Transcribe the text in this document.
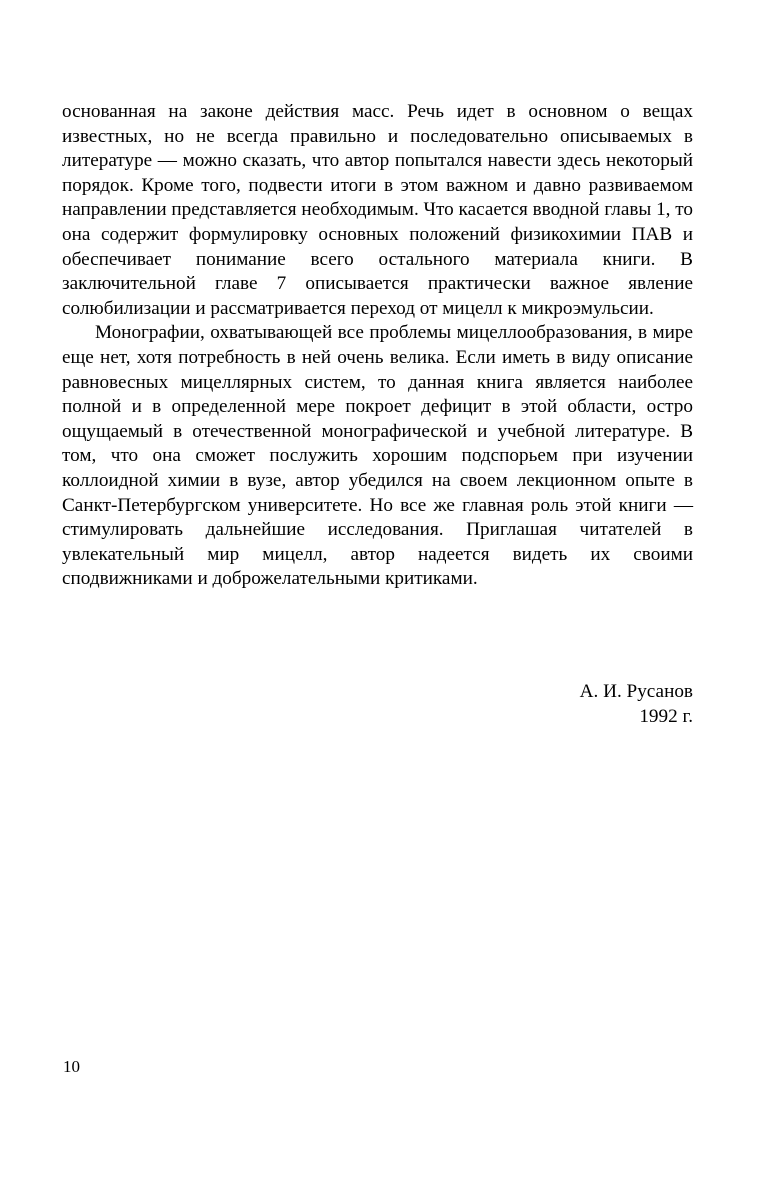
основанная на законе действия масс. Речь идет в основном о вещах известных, но не всегда правильно и последовательно описываемых в литературе — можно сказать, что автор попытался навести здесь некоторый порядок. Кроме того, подвести итоги в этом важном и давно развиваемом направлении представляется необходимым. Что касается вводной главы 1, то она содержит формулировку основных положений физикохимии ПАВ и обеспечивает понимание всего остального материала книги. В заключительной главе 7 описывается практически важное явление солюбилизации и рассматривается переход от мицелл к микроэмульсии.

Монографии, охватывающей все проблемы мицеллообразования, в мире еще нет, хотя потребность в ней очень велика. Если иметь в виду описание равновесных мицеллярных систем, то данная книга является наиболее полной и в определенной мере покроет дефицит в этой области, остро ощущаемый в отечественной монографической и учебной литературе. В том, что она сможет послужить хорошим подспорьем при изучении коллоидной химии в вузе, автор убедился на своем лекционном опыте в Санкт-Петербургском университете. Но все же главная роль этой книги — стимулировать дальнейшие исследования. Приглашая читателей в увлекательный мир мицелл, автор надеется видеть их своими сподвижниками и доброжелательными критиками.

А. И. Русанов
1992 г.
10
